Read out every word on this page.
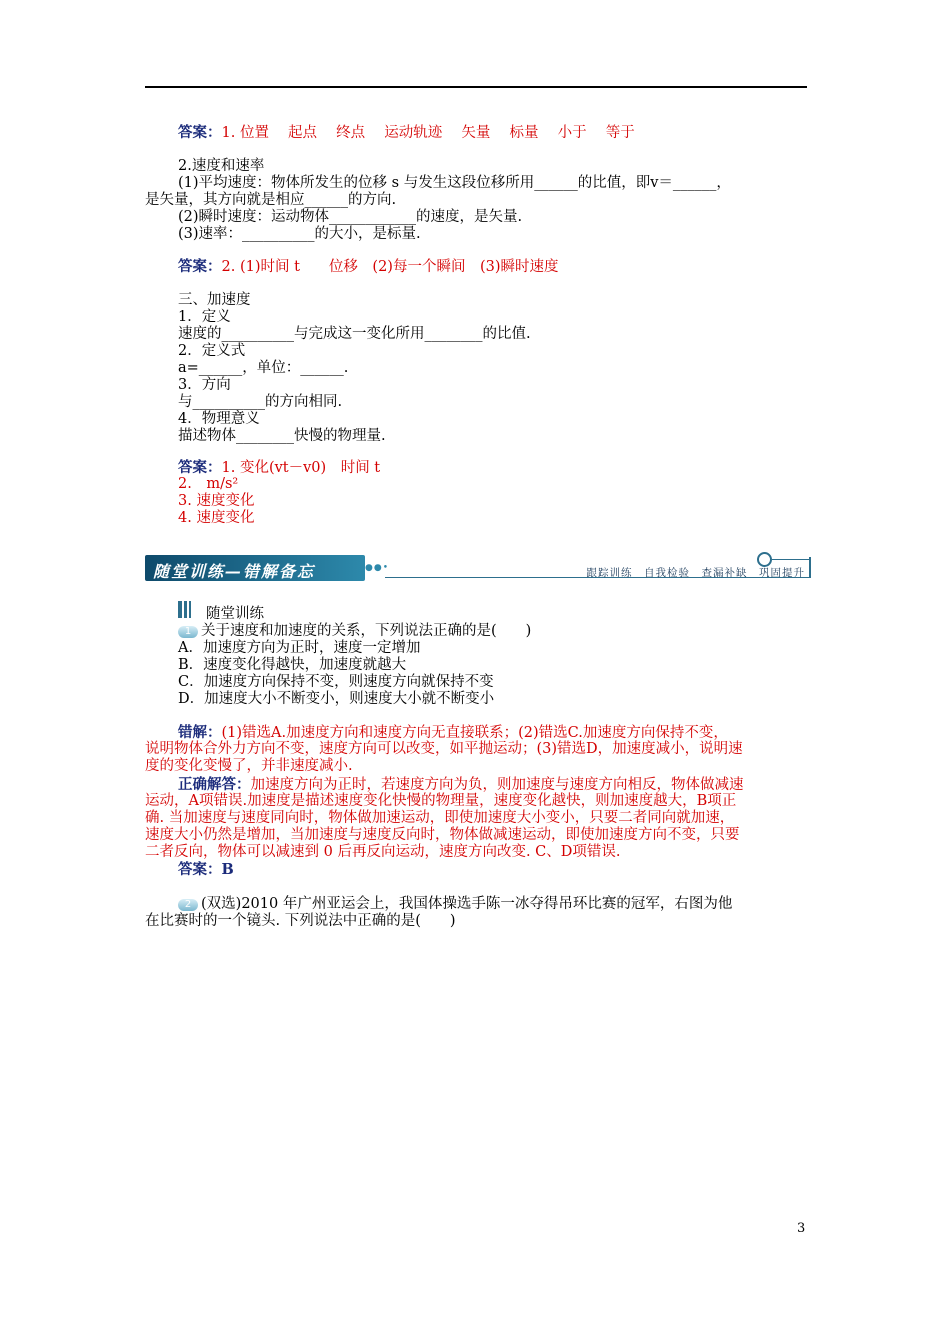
答案：1. 位置　 起点　 终点　 运动轨迹　 矢量　 标量　 小于　 等于
2.速度和速率
(1)平均速度：物体所发生的位移 s 与发生这段位移所用______的比值，即v＝______，
是矢量，其方向就是相应______的方向.
(2)瞬时速度：运动物体____________的速度，是矢量.
(3)速率：__________的大小，是标量.
答案：2. (1)时间 t　　位移　(2)每一个瞬间　(3)瞬时速度
三、加速度
1．定义
速度的__________与完成这一变化所用________的比值.
2．定义式
a=______，单位：______.
3．方向
与__________的方向相同.
4．物理意义
描述物体________快慢的物理量.
答案：1. 变化(vt－v0)　时间 t
2.　m/s²
3. 速度变化
4. 速度变化
随堂训练—错解备忘	●●•	跟踪训练　自我检验　查漏补缺　巩固提升
随堂训练
1 关于速度和加速度的关系，下列说法正确的是(　　)
A．加速度方向为正时，速度一定增加
B．速度变化得越快，加速度就越大
C．加速度方向保持不变，则速度方向就保持不变
D．加速度大小不断变小，则速度大小就不断变小
错解：(1)错选A.加速度方向和速度方向无直接联系；(2)错选C.加速度方向保持不变，
说明物体合外力方向不变，速度方向可以改变，如平抛运动；(3)错选D，加速度减小，说明速
度的变化变慢了，并非速度减小.
正确解答：加速度方向为正时，若速度方向为负，则加速度与速度方向相反，物体做减速
运动，A项错误.加速度是描述速度变化快慢的物理量，速度变化越快，则加速度越大，B项正
确. 当加速度与速度同向时，物体做加速运动，即使加速度大小变小，只要二者同向就加速，
速度大小仍然是增加，当加速度与速度反向时，物体做减速运动，即使加速度方向不变，只要
二者反向，物体可以减速到 0 后再反向运动，速度方向改变. C、D项错误.
答案：B
2 (双选)2010 年广州亚运会上，我国体操选手陈一冰夺得吊环比赛的冠军，右图为他
在比赛时的一个镜头. 下列说法中正确的是(　　)
3
